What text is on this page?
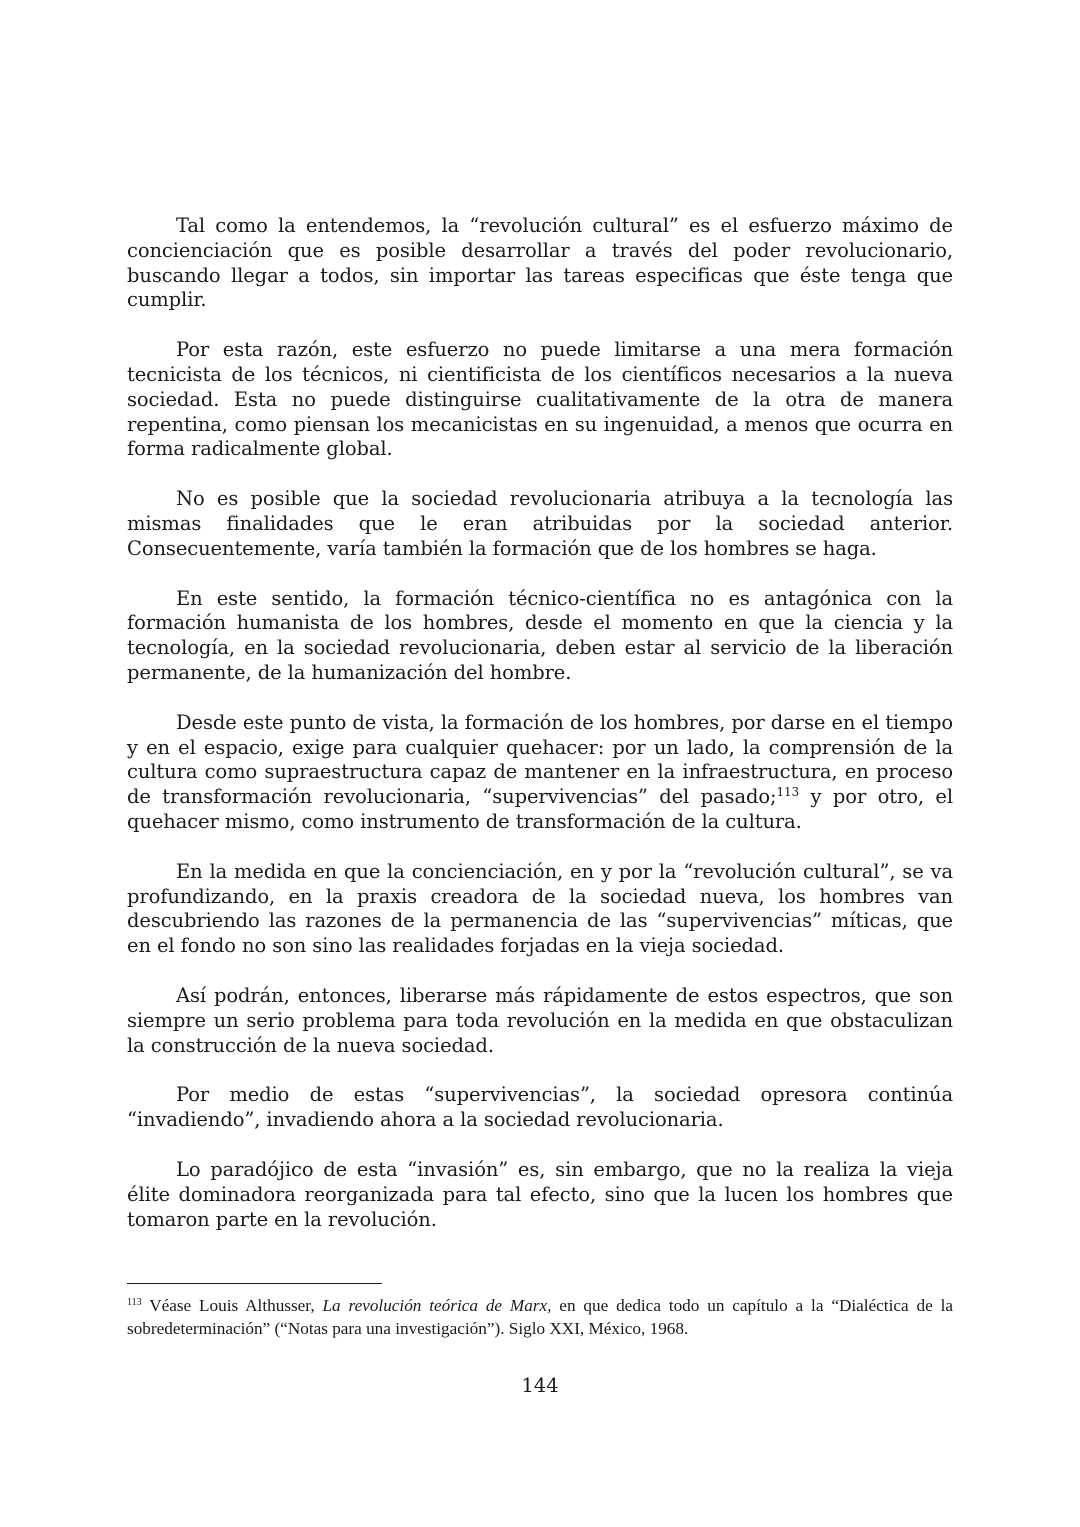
Tal como la entendemos, la “revolución cultural” es el esfuerzo máximo de concienciación que es posible desarrollar a través del poder revolucionario, buscando llegar a todos, sin importar las tareas especificas que éste tenga que cumplir.

Por esta razón, este esfuerzo no puede limitarse a una mera formación tecnicista de los técnicos, ni cientificista de los científicos necesarios a la nueva sociedad. Esta no puede distinguirse cualitativamente de la otra de manera repentina, como piensan los mecanicistas en su ingenuidad, a menos que ocurra en forma radicalmente global.

No es posible que la sociedad revolucionaria atribuya a la tecnología las mismas finalidades que le eran atribuidas por la sociedad anterior. Consecuentemente, varía también la formación que de los hombres se haga.

En este sentido, la formación técnico-científica no es antagónica con la formación humanista de los hombres, desde el momento en que la ciencia y la tecnología, en la sociedad revolucionaria, deben estar al servicio de la liberación permanente, de la humanización del hombre.

Desde este punto de vista, la formación de los hombres, por darse en el tiempo y en el espacio, exige para cualquier quehacer: por un lado, la comprensión de la cultura como supraestructura capaz de mantener en la infraestructura, en proceso de transformación revolucionaria, “supervivencias” del pasado;$^{113}$ y por otro, el quehacer mismo, como instrumento de transformación de la cultura.

En la medida en que la concienciación, en y por la “revolución cultural”, se va profundizando, en la praxis creadora de la sociedad nueva, los hombres van descubriendo las razones de la permanencia de las “supervivencias” míticas, que en el fondo no son sino las realidades forjadas en la vieja sociedad.

Así podrán, entonces, liberarse más rápidamente de estos espectros, que son siempre un serio problema para toda revolución en la medida en que obstaculizan la construcción de la nueva sociedad.

Por medio de estas “supervivencias”, la sociedad opresora continúa “invadiendo”, invadiendo ahora a la sociedad revolucionaria.

Lo paradójico de esta “invasión” es, sin embargo, que no la realiza la vieja élite dominadora reorganizada para tal efecto, sino que la lucen los hombres que tomaron parte en la revolución.

$^{113}$ Véase Louis Althusser, La revolución teórica de Marx, en que dedica todo un capítulo a la “Dialéctica de la sobredeterminación” (“Notas para una investigación”). Siglo XXI, México, 1968.

144
